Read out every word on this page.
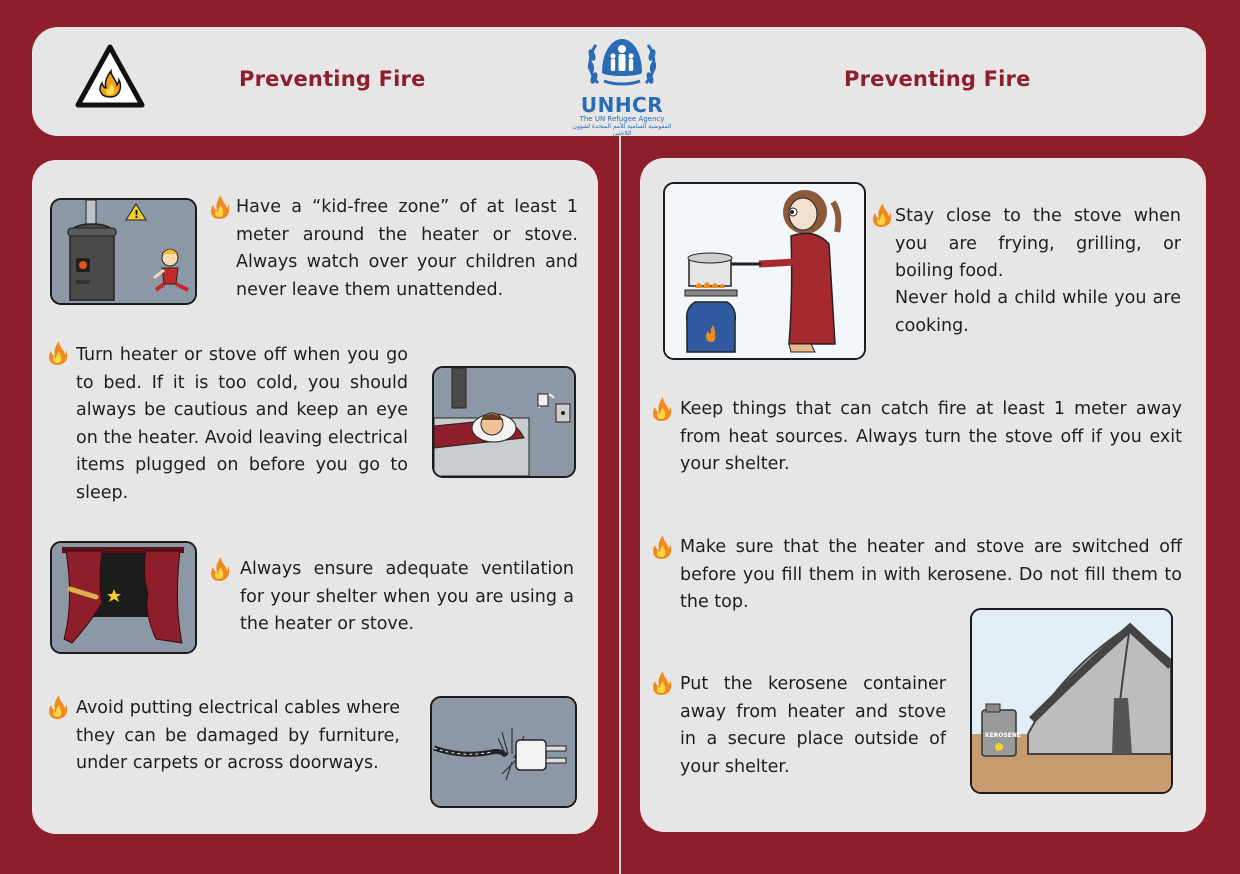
Preventing Fire
UNHCR
The UN Refugee Agency
المفوضية السامية للأمم المتحدة لشؤون اللاجئين
Preventing Fire
!	Have a “kid-free zone” of at least 1 meter around the heater or stove. Always watch over your children and never leave them unattended.
Turn heater or stove off when you go to bed. If it is too cold, you should always be cautious and keep an eye on the heater. Avoid leaving electrical items plugged on before you go to sleep.
Always ensure adequate ventilation for your shelter when you are using a the heater or stove.
Avoid putting electrical cables where they can be damaged by furniture, under carpets or across doorways.
Stay close to the stove when you are frying, grilling, or boiling food.
Never hold a child while you are cooking.
Keep things that can catch fire at least 1 meter away from heat sources. Always turn the stove off if you exit your shelter.
Make sure that the heater and stove are switched off before you fill them in with kerosene. Do not fill them to the top.
Put the kerosene container away from heater and stove in a secure place outside of your shelter.
KEROSENE
